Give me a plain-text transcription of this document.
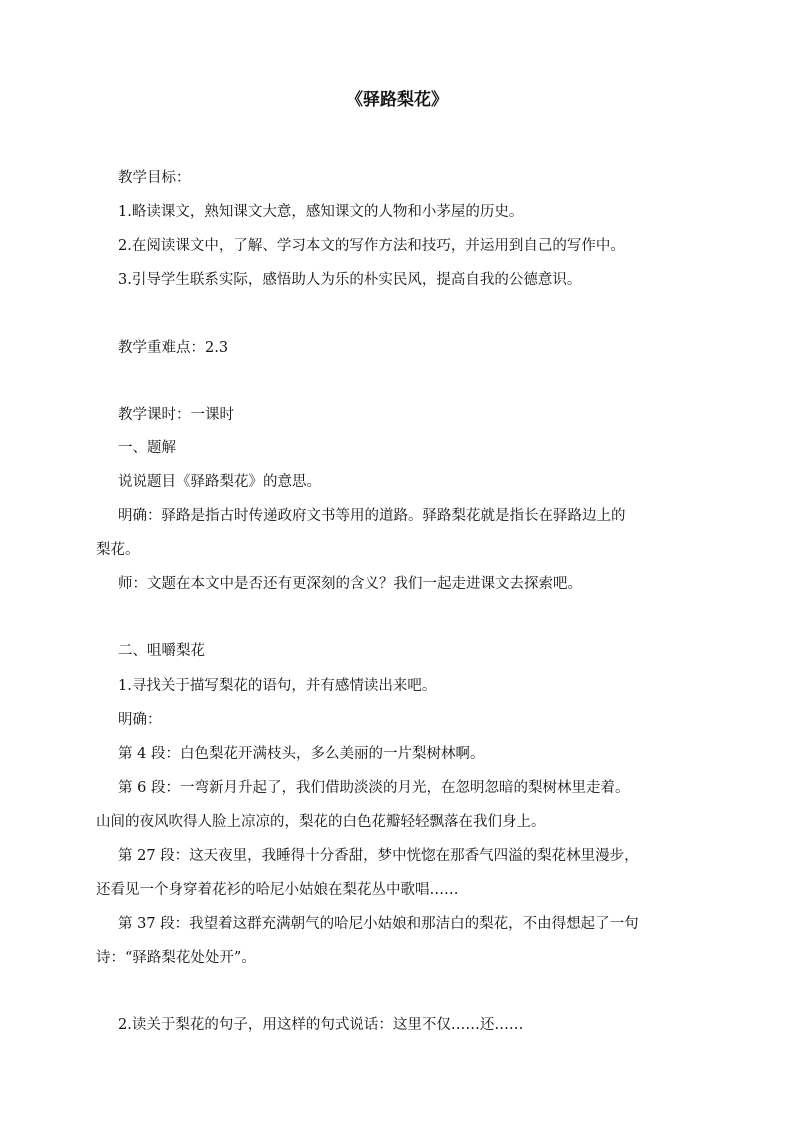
《驿路梨花》
教学目标：
1.略读课文，熟知课文大意，感知课文的人物和小茅屋的历史。
2.在阅读课文中，了解、学习本文的写作方法和技巧，并运用到自己的写作中。
3.引导学生联系实际，感悟助人为乐的朴实民风，提高自我的公德意识。
教学重难点：2.3
教学课时：一课时
一、题解
说说题目《驿路梨花》的意思。
明确：驿路是指古时传递政府文书等用的道路。驿路梨花就是指长在驿路边上的
梨花。
师：文题在本文中是否还有更深刻的含义？我们一起走进课文去探索吧。
二、咀嚼梨花
1.寻找关于描写梨花的语句，并有感情读出来吧。
明确：
第 4 段：白色梨花开满枝头，多么美丽的一片梨树林啊。
第 6 段：一弯新月升起了，我们借助淡淡的月光，在忽明忽暗的梨树林里走着。
山间的夜风吹得人脸上凉凉的，梨花的白色花瓣轻轻飘落在我们身上。
第 27 段：这天夜里，我睡得十分香甜，梦中恍惚在那香气四溢的梨花林里漫步，
还看见一个身穿着花衫的哈尼小姑娘在梨花丛中歌唱……
第 37 段：我望着这群充满朝气的哈尼小姑娘和那洁白的梨花，不由得想起了一句
诗：“驿路梨花处处开”。
2.读关于梨花的句子，用这样的句式说话：这里不仅……还……
